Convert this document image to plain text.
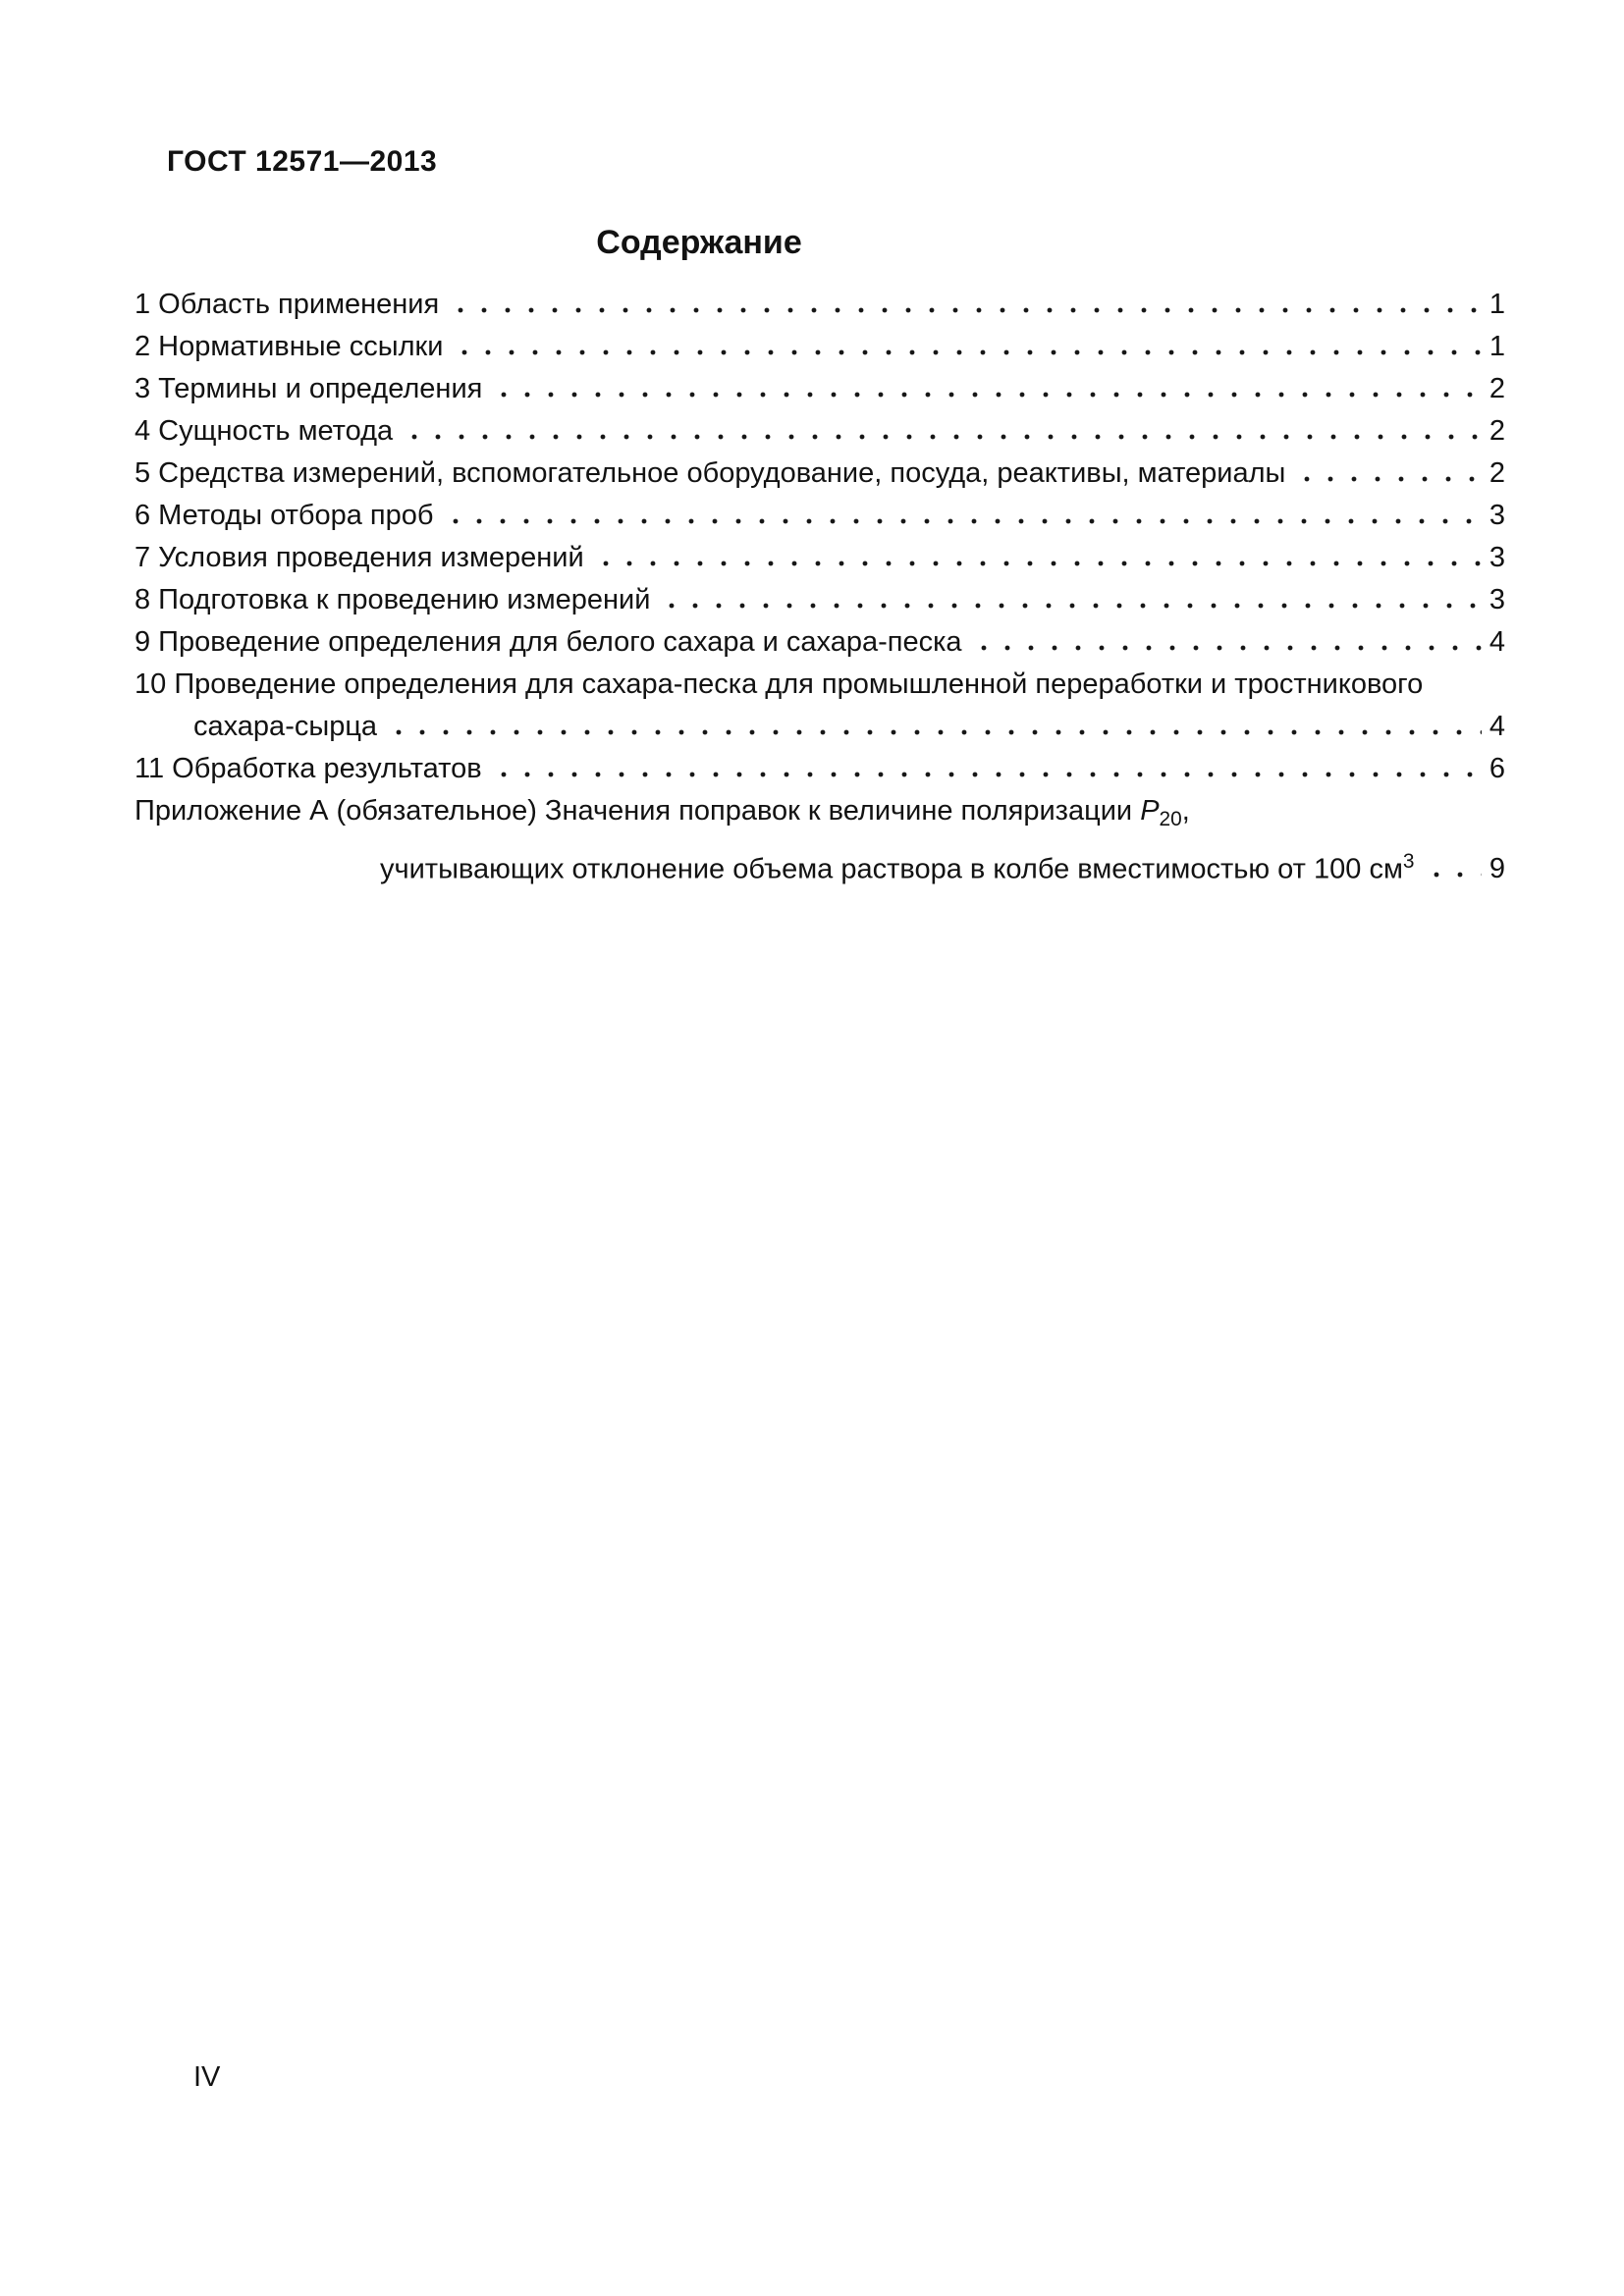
ГОСТ 12571—2013
Содержание
1 Область применения	1
2 Нормативные ссылки	1
3 Термины и определения	2
4 Сущность метода	2
5 Средства измерений, вспомогательное оборудование, посуда, реактивы, материалы	2
6 Методы отбора проб	3
7 Условия проведения измерений	3
8 Подготовка к проведению измерений	3
9 Проведение определения для белого сахара и сахара-песка	4
10 Проведение определения для сахара-песка для промышленной переработки и тростникового
сахара-сырца	4
11 Обработка результатов	6
Приложение А (обязательное) Значения поправок к величине поляризации $P_{20}$,
учитывающих отклонение объема раствора в колбе вместимостью от 100 $см^3$	9
IV
